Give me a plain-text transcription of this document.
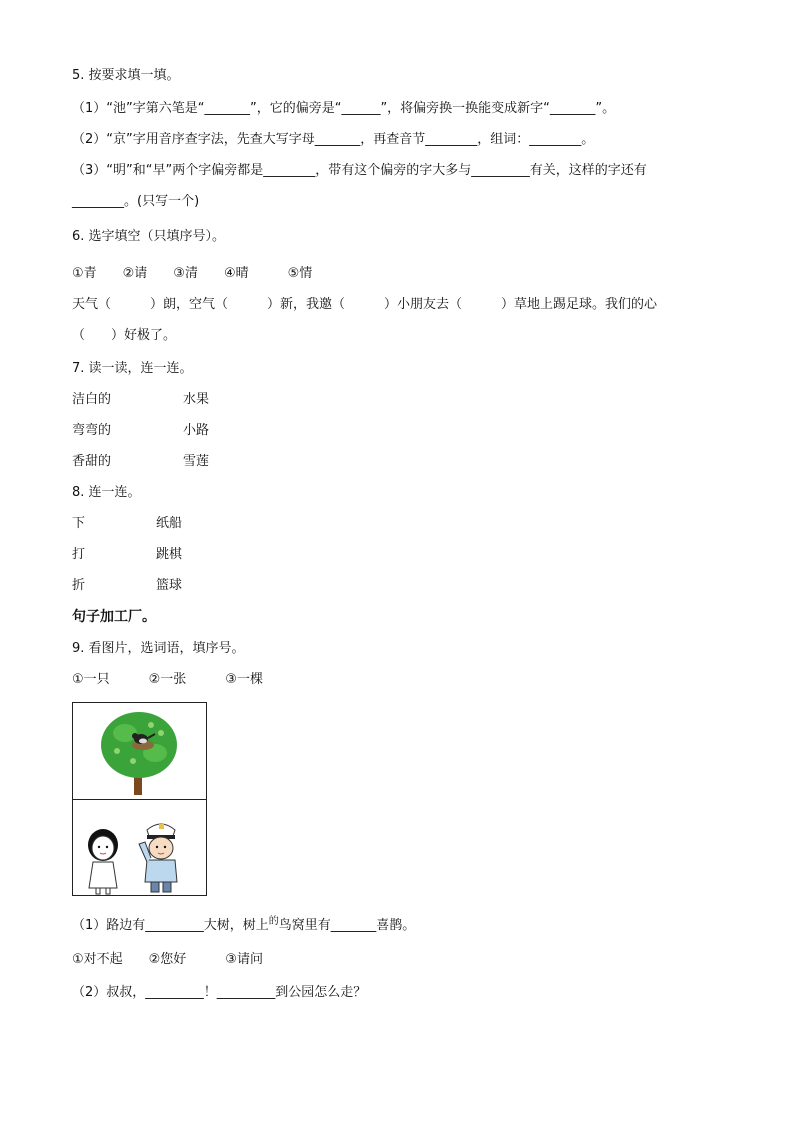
5. 按要求填一填。
（1）“池”字第六笔是“_______”，它的偏旁是“______”，将偏旁换一换能变成新字“_______”。
（2）“京”字用音序查字法，先查大写字母_______，再查音节________，组词：________。
（3）“明”和“早”两个字偏旁都是________，带有这个偏旁的字大多与_________有关，这样的字还有
________。(只写一个)
6. 选字填空（只填序号）。
①青　　②请　　③清　　④晴　　　⑤情
天气（　　　）朗，空气（　　　）新，我邀（　　　）小朋友去（　　　）草地上踢足球。我们的心
（　　）好极了。
7. 读一读，连一连。
洁白的	水果
弯弯的	小路
香甜的	雪莲
8. 连一连。
下	纸船
打	跳棋
折	篮球
句子加工厂。
9. 看图片，选词语，填序号。
①一只　　　②一张　　　③一棵
（1）路边有_________大树，树上$^的$鸟窝里有_______喜鹊。
①对不起　　②您好　　　③请问
（2）叔叔，_________！_________到公园怎么走？
